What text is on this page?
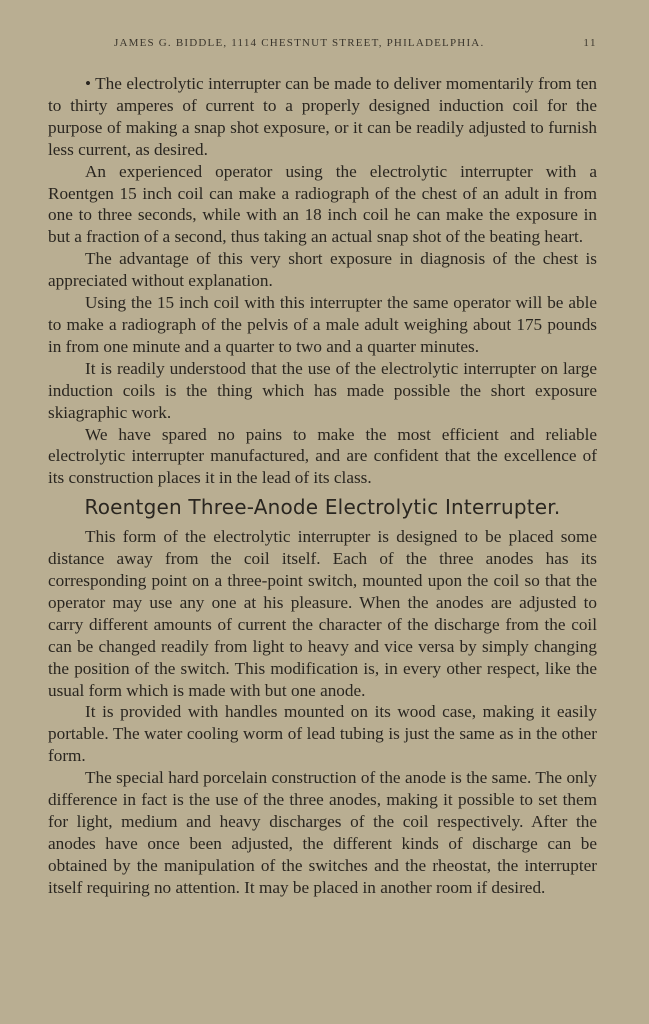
JAMES G. BIDDLE, 1114 CHESTNUT STREET, PHILADELPHIA.	11

• The electrolytic interrupter can be made to deliver momentarily from ten to thirty amperes of current to a properly designed induction coil for the purpose of making a snap shot exposure, or it can be readily adjusted to furnish less current, as desired.

An experienced operator using the electrolytic interrupter with a Roentgen 15 inch coil can make a radiograph of the chest of an adult in from one to three seconds, while with an 18 inch coil he can make the exposure in but a fraction of a second, thus taking an actual snap shot of the beating heart.

The advantage of this very short exposure in diagnosis of the chest is appreciated without explanation.

Using the 15 inch coil with this interrupter the same operator will be able to make a radiograph of the pelvis of a male adult weighing about 175 pounds in from one minute and a quarter to two and a quarter minutes.

It is readily understood that the use of the electrolytic interrupter on large induction coils is the thing which has made possible the short exposure skiagraphic work.

We have spared no pains to make the most efficient and reliable electrolytic interrupter manufactured, and are confident that the excellence of its construction places it in the lead of its class.

Roentgen Three-Anode Electrolytic Interrupter.

This form of the electrolytic interrupter is designed to be placed some distance away from the coil itself. Each of the three anodes has its corresponding point on a three-point switch, mounted upon the coil so that the operator may use any one at his pleasure. When the anodes are adjusted to carry different amounts of current the character of the discharge from the coil can be changed readily from light to heavy and vice versa by simply changing the position of the switch. This modification is, in every other respect, like the usual form which is made with but one anode.

It is provided with handles mounted on its wood case, making it easily portable. The water cooling worm of lead tubing is just the same as in the other form.

The special hard porcelain construction of the anode is the same. The only difference in fact is the use of the three anodes, making it possible to set them for light, medium and heavy discharges of the coil respectively. After the anodes have once been adjusted, the different kinds of discharge can be obtained by the manipulation of the switches and the rheostat, the interrupter itself requiring no attention. It may be placed in another room if desired.
